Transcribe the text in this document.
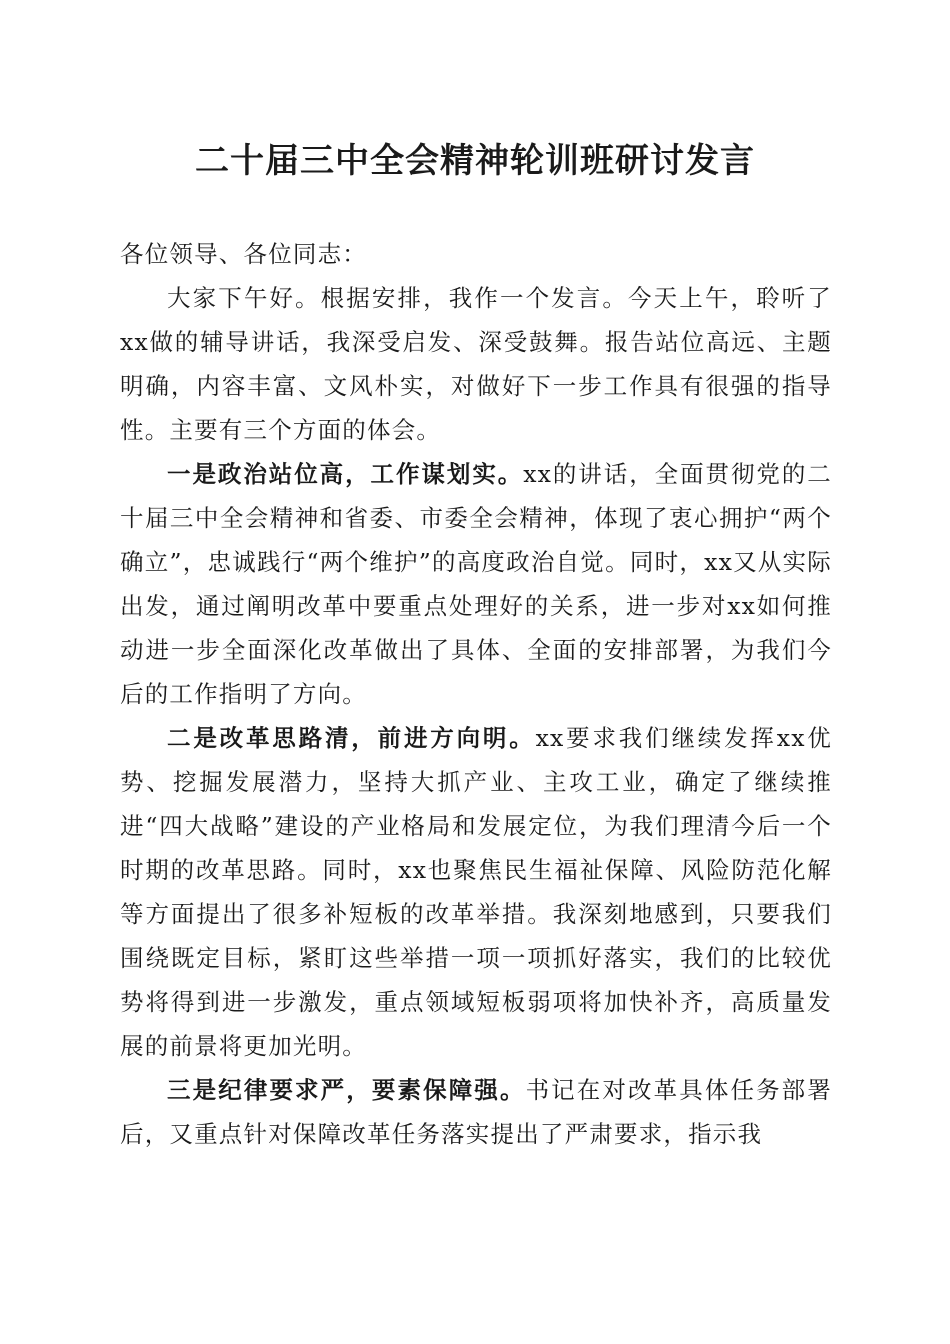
二十届三中全会精神轮训班研讨发言

各位领导、各位同志：

大家下午好。根据安排，我作一个发言。今天上午，聆听了xx做的辅导讲话，我深受启发、深受鼓舞。报告站位高远、主题明确，内容丰富、文风朴实，对做好下一步工作具有很强的指导性。主要有三个方面的体会。

一是政治站位高，工作谋划实。xx的讲话，全面贯彻党的二十届三中全会精神和省委、市委全会精神，体现了衷心拥护“两个确立”，忠诚践行“两个维护”的高度政治自觉。同时，xx又从实际出发，通过阐明改革中要重点处理好的关系，进一步对xx如何推动进一步全面深化改革做出了具体、全面的安排部署，为我们今后的工作指明了方向。

二是改革思路清，前进方向明。xx要求我们继续发挥xx优势、挖掘发展潜力，坚持大抓产业、主攻工业，确定了继续推进“四大战略”建设的产业格局和发展定位，为我们理清今后一个时期的改革思路。同时，xx也聚焦民生福祉保障、风险防范化解等方面提出了很多补短板的改革举措。我深刻地感到，只要我们围绕既定目标，紧盯这些举措一项一项抓好落实，我们的比较优势将得到进一步激发，重点领域短板弱项将加快补齐，高质量发展的前景将更加光明。

三是纪律要求严，要素保障强。书记在对改革具体任务部署后，又重点针对保障改革任务落实提出了严肃要求，指示我
